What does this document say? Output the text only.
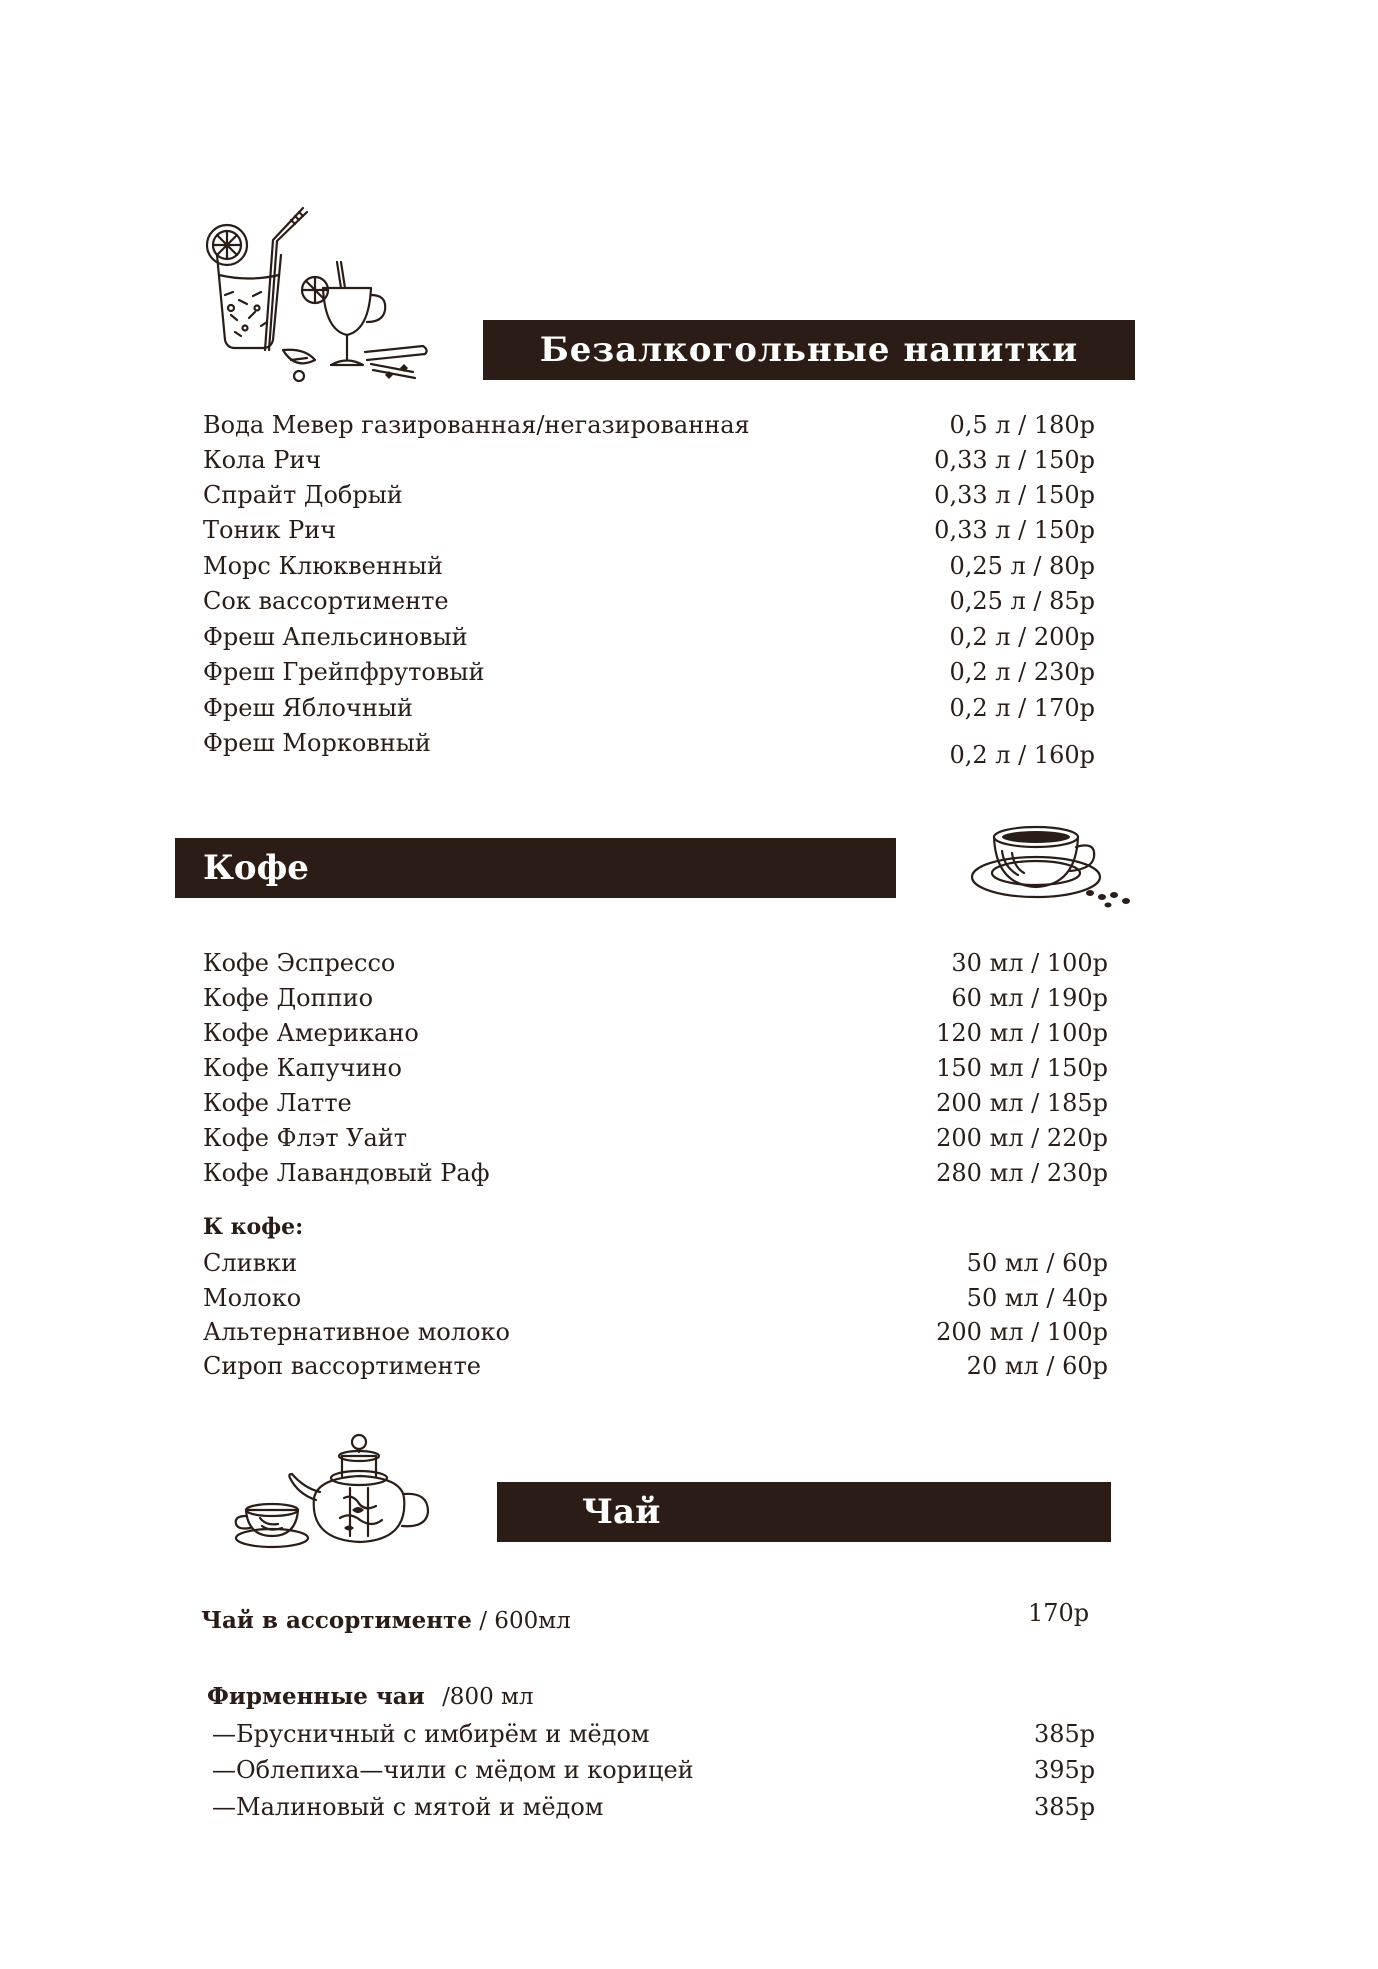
Безалкогольные напитки
Вода Мевер газированная/негазированная	0,5 л / 180р
Кола Рич	0,33 л / 150р
Спрайт Добрый	0,33 л / 150р
Тоник Рич	0,33 л / 150р
Морс Клюквенный	0,25 л / 80р
Сок вассортименте	0,25 л / 85р
Фреш Апельсиновый	0,2 л / 200р
Фреш Грейпфрутовый	0,2 л / 230р
Фреш Яблочный	0,2 л / 170р
Фреш Морковный	0,2 л / 160р
Кофе
Кофе Эспрессо	30 мл / 100р
Кофе Доппио	60 мл / 190р
Кофе Американо	120 мл / 100р
Кофе Капучино	150 мл / 150р
Кофе Латте	200 мл / 185р
Кофе Флэт Уайт	200 мл / 220р
Кофе Лавандовый Раф	280 мл / 230р
К кофе:
Сливки	50 мл / 60р
Молоко	50 мл / 40р
Альтернативное молоко	200 мл / 100р
Сироп вассортименте	20 мл / 60р
Чай
Чай в ассортименте / 600мл	170р
Фирменные чаи /800 мл
—Брусничный с имбирём и мёдом	385р
—Облепиха—чили с мёдом и корицей	395р
—Малиновый с мятой и мёдом	385р
